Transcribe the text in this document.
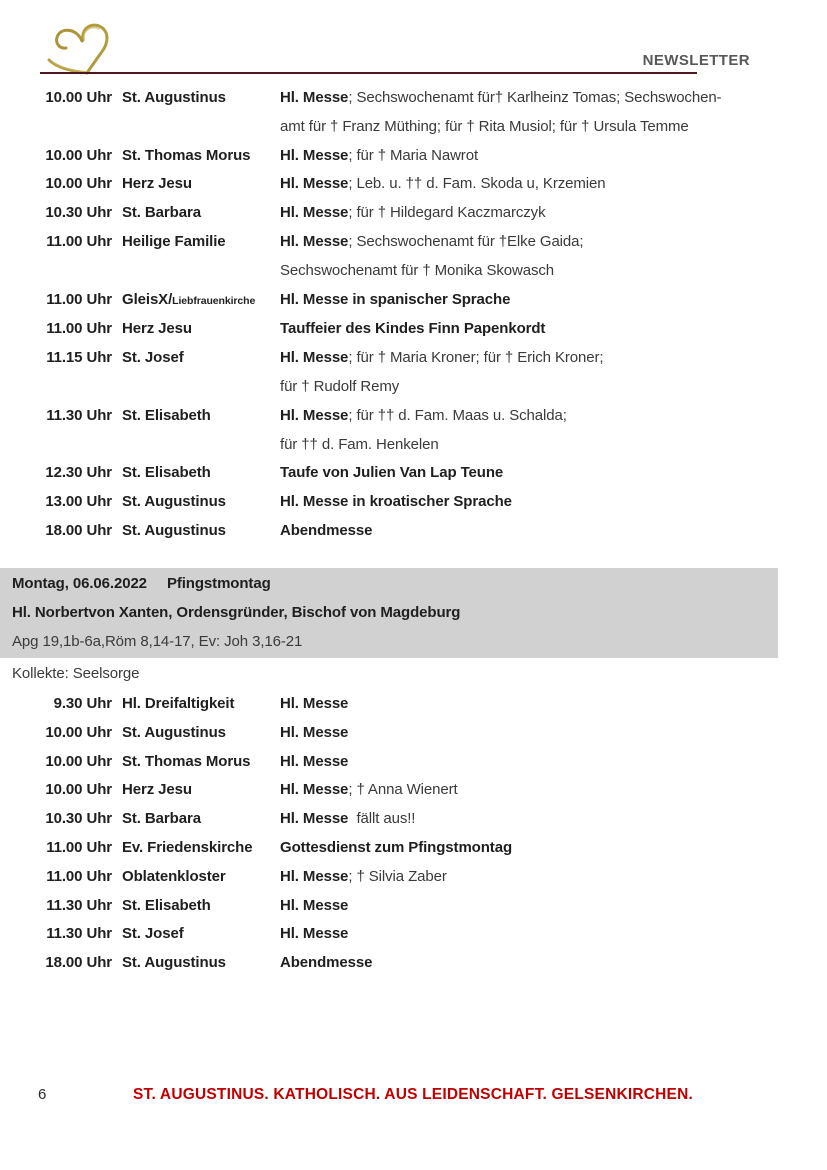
NEWSLETTER
10.00 Uhr St. Augustinus	Hl. Messe; Sechswochenamt für† Karlheinz Tomas; Sechswochen-
amt für † Franz Müthing; für † Rita Musiol; für † Ursula Temme
10.00 Uhr St. Thomas Morus	Hl. Messe; für † Maria Nawrot
10.00 Uhr Herz Jesu	Hl. Messe; Leb. u. †† d. Fam. Skoda u, Krzemien
10.30 Uhr St. Barbara	Hl. Messe; für † Hildegard Kaczmarczyk
11.00 Uhr Heilige Familie	Hl. Messe; Sechswochenamt für †Elke Gaida;
Sechswochenamt für † Monika Skowasch
11.00 Uhr GleisX/Liebfrauenkirche	Hl. Messe in spanischer Sprache
11.00 Uhr Herz Jesu	Tauffeier des Kindes Finn Papenkordt
11.15 Uhr St. Josef	Hl. Messe; für † Maria Kroner; für † Erich Kroner;
für † Rudolf Remy
11.30 Uhr St. Elisabeth	Hl. Messe; für †† d. Fam. Maas u. Schalda;
für †† d. Fam. Henkelen
12.30 Uhr St. Elisabeth	Taufe von Julien Van Lap Teune
13.00 Uhr St. Augustinus	Hl. Messe in kroatischer Sprache
18.00 Uhr St. Augustinus	Abendmesse
Montag, 06.06.2022 Pfingstmontag
Hl. Norbertvon Xanten, Ordensgründer, Bischof von Magdeburg
Apg 19,1b-6a,Röm 8,14-17, Ev: Joh 3,16-21
Kollekte: Seelsorge
9.30 Uhr Hl. Dreifaltigkeit	Hl. Messe
10.00 Uhr St. Augustinus	Hl. Messe
10.00 Uhr St. Thomas Morus	Hl. Messe
10.00 Uhr Herz Jesu	Hl. Messe; † Anna Wienert
10.30 Uhr St. Barbara	Hl. Messe  fällt aus!!
11.00 Uhr Ev. Friedenskirche	Gottesdienst zum Pfingstmontag
11.00 Uhr Oblatenkloster	Hl. Messe; † Silvia Zaber
11.30 Uhr St. Elisabeth	Hl. Messe
11.30 Uhr St. Josef	Hl. Messe
18.00 Uhr St. Augustinus	Abendmesse
6	ST. AUGUSTINUS. KATHOLISCH. AUS LEIDENSCHAFT. GELSENKIRCHEN.
